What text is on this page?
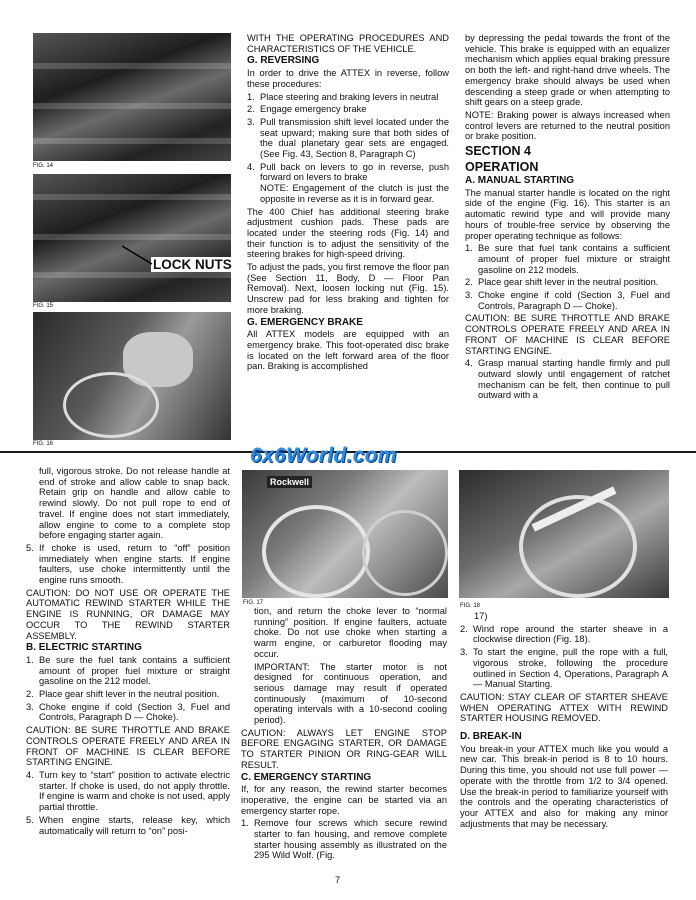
FIG. 14
LOCK NUTS
FIG. 15
FIG. 16

WITH THE OPERATING PROCEDURES AND CHARACTERISTICS OF THE VEHICLE.

G. REVERSING

In order to drive the ATTEX in reverse, follow these procedures:

1. Place steering and braking levers in neutral
2. Engage emergency brake
3. Pull transmission shift level located under the seat upward; making sure that both sides of the dual planetary gear sets are engaged. (See Fig. 43, Section 8, Paragraph C)
4. Pull back on levers to go in reverse, push forward on levers to brake
NOTE: Engagement of the clutch is just the opposite in reverse as it is in forward gear.

The 400 Chief has additional steering brake adjustment cushion pads. These pads are located under the steering rods (Fig. 14) and their function is to adjust the sensitivity of the steering brakes for high-speed driving.

To adjust the pads, you first remove the floor pan (See Section 11, Body, D — Floor Pan Removal). Next, loosen locking nut (Fig. 15). Unscrew pad for less braking and tighten for more braking.

G. EMERGENCY BRAKE

All ATTEX models are equipped with an emergency brake. This foot-operated disc brake is located on the left forward area of the floor pan. Braking is accomplished

by depressing the pedal towards the front of the vehicle. This brake is equipped with an equalizer mechanism which applies equal braking pressure on both the left- and right-hand drive wheels. The emergency brake should always be used when descending a steep grade or when attempting to shift gears on a steep grade.

NOTE: Braking power is always increased when control levers are returned to the neutral position or brake position.

SECTION 4
OPERATION
A. MANUAL STARTING

The manual starter handle is located on the right side of the engine (Fig. 16). This starter is an automatic rewind type and will provide many hours of trouble-free service by observing the proper operating technique as follows:

1. Be sure that fuel tank contains a sufficient amount of proper fuel mixture or straight gasoline on 212 models.
2. Place gear shift lever in the neutral position.
3. Choke engine if cold (Section 3, Fuel and Controls, Paragraph D — Choke).

CAUTION: BE SURE THROTTLE AND BRAKE CONTROLS OPERATE FREELY AND AREA IN FRONT OF MACHINE IS CLEAR BEFORE STARTING ENGINE.

4. Grasp manual starting handle firmly and pull outward slowly until engagement of ratchet mechanism can be felt, then continue to pull outward with a
6x6World.com

full, vigorous stroke. Do not release handle at end of stroke and allow cable to snap back. Retain grip on handle and allow cable to rewind slowly. Do not pull rope to end of travel. If engine does not start immediately, allow engine to come to a complete stop before engaging starter again.

5. If choke is used, return to “off” position immediately when engine starts. If engine faulters, use choke intermittently until the engine runs smooth.

CAUTION: DO NOT USE OR OPERATE THE AUTOMATIC REWIND STARTER WHILE THE ENGINE IS RUNNING, OR DAMAGE MAY OCCUR TO THE REWIND STARTER ASSEMBLY.

B. ELECTRIC STARTING
1. Be sure the fuel tank contains a sufficient amount of proper fuel mixture or straight gasoline on the 212 model.
2. Place gear shift lever in the neutral position.
3. Choke engine if cold (Section 3, Fuel and Controls, Paragraph D — Choke).

CAUTION: BE SURE THROTTLE AND BRAKE CONTROLS OPERATE FREELY AND AREA IN FRONT OF MACHINE IS CLEAR BEFORE STARTING ENGINE.

4. Turn key to “start” position to activate electric starter. If choke is used, do not apply throttle. If engine is warm and choke is not used, apply partial throttle.
5. When engine starts, release key, which automatically will return to “on” posi-
Rockwell
FIG. 17

tion, and return the choke lever to “normal running” position. If engine faulters, actuate choke. Do not use choke when starting a warm engine, or carburetor flooding may occur.

IMPORTANT: The starter motor is not designed for continuous operation, and serious damage may result if operated continuously (maximum of 10-second operating intervals with a 10-second cooling period).

CAUTION: ALWAYS LET ENGINE STOP BEFORE ENGAGING STARTER, OR DAMAGE TO STARTER PINION OR RING-GEAR WILL RESULT.

C. EMERGENCY STARTING

If, for any reason, the rewind starter becomes inoperative, the engine can be started via an emergency starter rope.

1. Remove four screws which secure rewind starter to fan housing, and remove complete starter housing assembly as illustrated on the 295 Wild Wolf. (Fig.
FIG. 18

17)

2. Wind rope around the starter sheave in a clockwise direction (Fig. 18).
3. To start the engine, pull the rope with a full, vigorous stroke, following the procedure outlined in Section 4, Operations, Paragraph A — Manual Starting.

CAUTION: STAY CLEAR OF STARTER SHEAVE WHEN OPERATING ATTEX WITH REWIND STARTER HOUSING REMOVED.

D. BREAK-IN

You break-in your ATTEX much like you would a new car. This break-in period is 8 to 10 hours. During this time, you should not use full power — operate with the throttle from 1/2 to 3/4 opened. Use the break-in period to familiarize yourself with the controls and the operating characteristics of your ATTEX and also for making any minor adjustments that may be necessary.

7
